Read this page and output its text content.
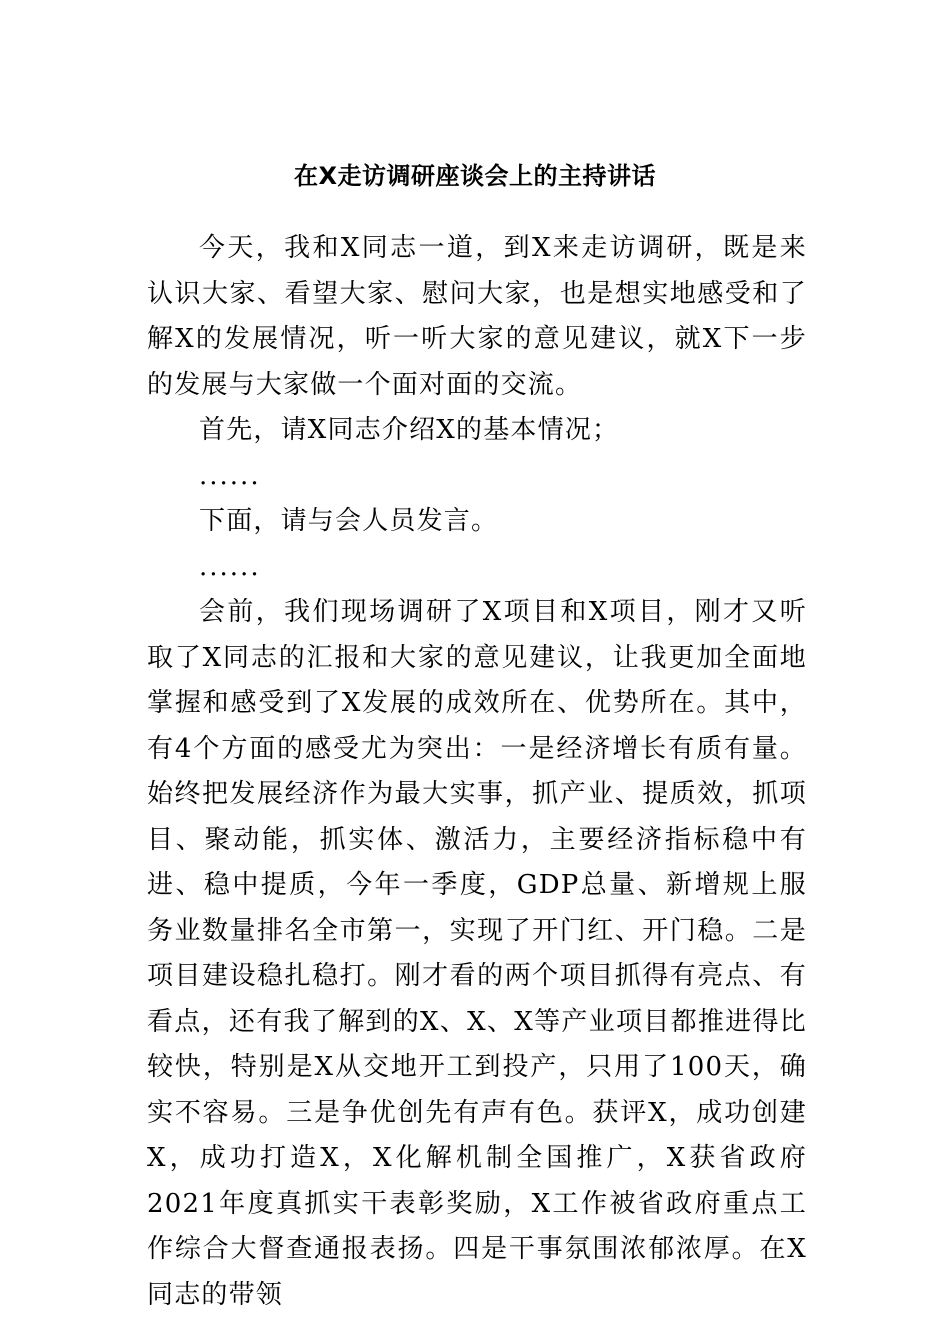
在X走访调研座谈会上的主持讲话

今天，我和X同志一道，到X来走访调研，既是来认识大家、看望大家、慰问大家，也是想实地感受和了解X的发展情况，听一听大家的意见建议，就X下一步的发展与大家做一个面对面的交流。

首先，请X同志介绍X的基本情况；

......

下面，请与会人员发言。

......

会前，我们现场调研了X项目和X项目，刚才又听取了X同志的汇报和大家的意见建议，让我更加全面地掌握和感受到了X发展的成效所在、优势所在。其中，有4个方面的感受尤为突出：一是经济增长有质有量。始终把发展经济作为最大实事，抓产业、提质效，抓项目、聚动能，抓实体、激活力，主要经济指标稳中有进、稳中提质，今年一季度，GDP总量、新增规上服务业数量排名全市第一，实现了开门红、开门稳。二是项目建设稳扎稳打。刚才看的两个项目抓得有亮点、有看点，还有我了解到的X、X、X等产业项目都推进得比较快，特别是X从交地开工到投产，只用了100天，确实不容易。三是争优创先有声有色。获评X，成功创建X，成功打造X，X化解机制全国推广，X获省政府2021年度真抓实干表彰奖励，X工作被省政府重点工作综合大督查通报表扬。四是干事氛围浓郁浓厚。在X同志的带领
